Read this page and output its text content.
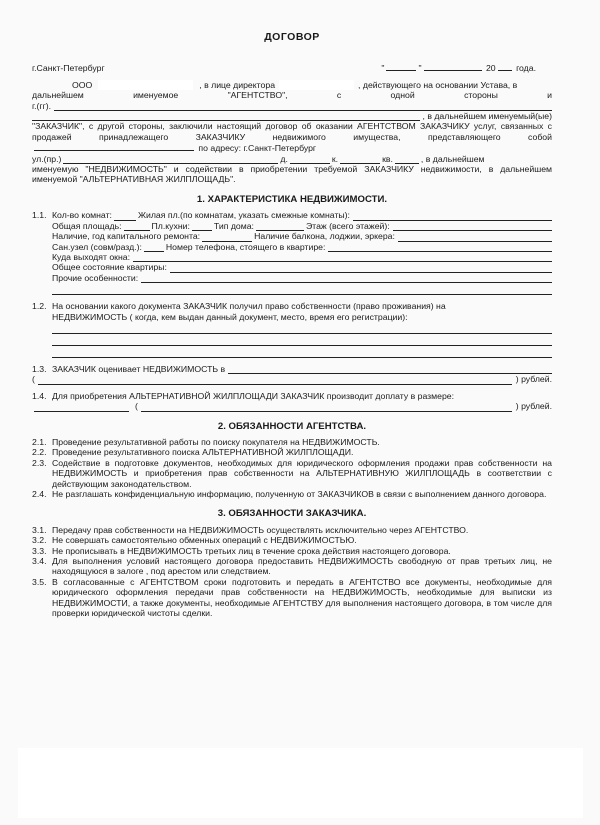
ДОГОВОР
г.Санкт-Петербург	"	"	20 года.
ООО	, в лице директора	, действующего на основании Устава, в
дальнейшем	именуемое	"АГЕНТСТВО",	с	одной	стороны	и
г.(гг).
, в дальнейшем именуемый(ые)
"ЗАКАЗЧИК", с другой стороны, заключили настоящий договор об оказании АГЕНТСТВОМ ЗАКАЗЧИКУ услуг, связанных с продажей принадлежащего ЗАКАЗЧИКУ недвижимого имущества, представляющего собой  по адресу: г.Санкт-Петербург
ул.(пр.)	д.	к.	кв.	, в дальнейшем
именуемую "НЕДВИЖИМОСТЬ" и содействии в приобретении требуемой ЗАКАЗЧИКУ недвижимости, в дальнейшем именуемой "АЛЬТЕРНАТИВНАЯ ЖИЛПЛОЩАДЬ".
1. ХАРАКТЕРИСТИКА НЕДВИЖИМОСТИ.
1.1. Кол-во комнат:	Жилая пл.(по комнатам, указать смежные комнаты):
Общая площадь:	Пл.кухни:	Тип дома:	Этаж (всего этажей):
Наличие, год капитального ремонта:	Наличие балкона, лоджии, эркера:
Сан.узел (совм/разд.):	Номер телефона, стоящего в квартире:
Куда выходят окна:
Общее состояние квартиры:
Прочие особенности:
1.2. На основании какого документа ЗАКАЗЧИК получил право собственности (право проживания) на
НЕДВИЖИМОСТЬ ( когда, кем выдан данный документ, место, время его регистрации):
1.3. ЗАКАЗЧИК оценивает НЕДВИЖИМОСТЬ в
(	) рублей.
1.4. Для приобретения АЛЬТЕРНАТИВНОЙ ЖИЛПЛОЩАДИ ЗАКАЗЧИК производит доплату в размере:
(	) рублей.
2. ОБЯЗАННОСТИ АГЕНТСТВА.
2.1. Проведение результативной работы по поиску покупателя на НЕДВИЖИМОСТЬ.
2.2. Проведение результативного поиска АЛЬТЕРНАТИВНОЙ ЖИЛПЛОЩАДИ.
2.3. Содействие в подготовке документов, необходимых для юридического оформления продажи прав собственности на НЕДВИЖИМОСТЬ и приобретения прав собственности на АЛЬТЕРНАТИВНУЮ ЖИЛПЛОЩАДЬ в соответствии с действующим законодательством.
2.4. Не разглашать конфиденциальную информацию, полученную от ЗАКАЗЧИКОВ в связи с выполнением данного договора.
3. ОБЯЗАННОСТИ ЗАКАЗЧИКА.
3.1. Передачу прав собственности на НЕДВИЖИМОСТЬ осуществлять исключительно через АГЕНТСТВО.
3.2. Не совершать самостоятельно обменных операций с НЕДВИЖИМОСТЬЮ.
3.3. Не прописывать в НЕДВИЖИМОСТЬ третьих лиц в течение срока действия настоящего договора.
3.4. Для выполнения условий настоящего договора предоставить НЕДВИЖИМОСТЬ свободную от прав третьих лиц, не находящуюся в залоге , под арестом или следствием.
3.5. В согласованные с АГЕНТСТВОМ сроки подготовить и передать в АГЕНТСТВО все документы, необходимые для юридического оформления передачи прав собственности на НЕДВИЖИМОСТЬ, необходимые для выписки из НЕДВИЖИМОСТИ, а также документы, необходимые АГЕНТСТВУ для выполнения настоящего договора, в том числе для проверки юридической чистоты сделки.
